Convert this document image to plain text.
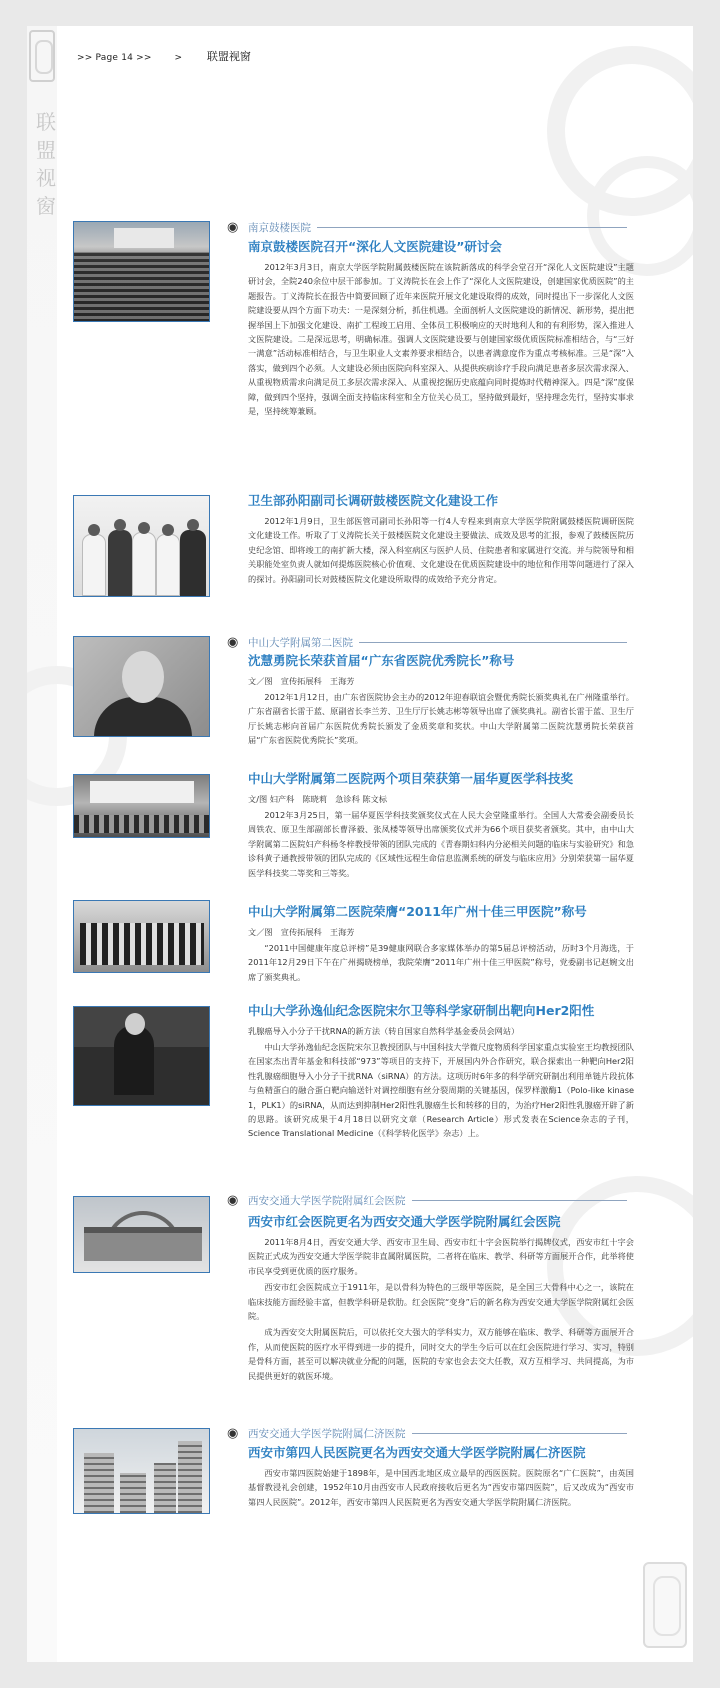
联
盟
视
窗
>> Page 14 >>	> 联盟视窗
◉ 南京鼓楼医院
南京鼓楼医院召开“深化人文医院建设”研讨会

2012年3月3日，南京大学医学院附属鼓楼医院在该院新落成的科学会堂召开“深化人文医院建设”主题研讨会，全院240余位中层干部参加。丁义涛院长在会上作了“深化人文医院建设，创建国家优质医院”的主题报告。丁义涛院长在报告中简要回顾了近年来医院开展文化建设取得的成效，同时提出下一步深化人文医院建设要从四个方面下功夫：一是深刻分析，抓住机遇。全面剖析人文医院建设的新情况、新形势，提出把握举国上下加强文化建设、南扩工程竣工启用、全体员工积极响应的天时地利人和的有利形势，深入推进人文医院建设。二是深远思考，明确标准。强调人文医院建设要与创建国家级优质医院标准相结合，与“三好一满意”活动标准相结合，与卫生职业人文素养要求相结合，以患者满意度作为重点考核标准。三是“深”入落实，做到四个必须。人文建设必须由医院向科室深入、从提供疾病诊疗手段向满足患者多层次需求深入、从重视物质需求向满足员工多层次需求深入、从重视挖掘历史底蕴向同时提炼时代精神深入。四是“深”度保障，做到四个坚持，强调全面支持临床科室和全方位关心员工，坚持做到最好，坚持理念先行，坚持实事求是，坚持统筹兼顾。

卫生部孙阳副司长调研鼓楼医院文化建设工作

2012年1月9日，卫生部医管司副司长孙阳等一行4人专程来到南京大学医学院附属鼓楼医院调研医院文化建设工作。听取了丁义涛院长关于鼓楼医院文化建设主要做法、成效及思考的汇报，参观了鼓楼医院历史纪念馆、即将竣工的南扩新大楼，深入科室病区与医护人员、住院患者和家属进行交流。并与院领导和相关职能处室负责人就如何提炼医院核心价值观、文化建设在优质医院建设中的地位和作用等问题进行了深入的探讨。孙阳副司长对鼓楼医院文化建设所取得的成效给予充分肯定。

◉ 中山大学附属第二医院
沈慧勇院长荣获首届“广东省医院优秀院长”称号
文／图　宣传拓展科　王海芳

2012年1月12日，由广东省医院协会主办的2012年迎春联谊会暨优秀院长颁奖典礼在广州隆重举行。广东省副省长雷于蓝、原副省长李兰芳、卫生厅厅长姚志彬等领导出席了颁奖典礼。副省长雷于蓝、卫生厅厅长姚志彬向首届广东医院优秀院长颁发了金质奖章和奖状。中山大学附属第二医院沈慧勇院长荣获首届“广东省医院优秀院长”奖项。

中山大学附属第二医院两个项目荣获第一届华夏医学科技奖
文/图 妇产科　陈晓莉　急诊科 陈文标

2012年3月25日，第一届华夏医学科技奖颁奖仪式在人民大会堂隆重举行。全国人大常委会副委员长周铁农、原卫生部副部长曹泽毅、张凤楼等领导出席颁奖仪式并为66个项目获奖者颁奖。其中，由中山大学附属第二医院妇产科杨冬梓教授带领的团队完成的《青春期妇科内分泌相关问题的临床与实验研究》和急诊科黄子通教授带领的团队完成的《区域性远程生命信息监测系统的研发与临床应用》分别荣获第一届华夏医学科技奖二等奖和三等奖。

中山大学附属第二医院荣膺“2011年广州十佳三甲医院”称号
文／图　宣传拓展科　王海芳

“2011中国健康年度总评榜”是39健康网联合多家媒体举办的第5届总评榜活动，历时3个月海选，于2011年12月29日下午在广州揭晓榜单，我院荣膺“2011年广州十佳三甲医院”称号，党委副书记赵婉文出席了颁奖典礼。

中山大学孙逸仙纪念医院宋尔卫等科学家研制出靶向Her2阳性
乳腺癌导入小分子干扰RNA的新方法（转自国家自然科学基金委员会网站）

中山大学孙逸仙纪念医院宋尔卫教授团队与中国科技大学微尺度物质科学国家重点实验室王均教授团队在国家杰出青年基金和科技部“973”等项目的支持下，开展国内外合作研究，联合探索出一种靶向Her2阳性乳腺癌细胞导入小分子干扰RNA（siRNA）的方法。这项历时6年多的科学研究研制出利用单链片段抗体与鱼精蛋白的融合蛋白靶向输送针对调控细胞有丝分裂周期的关键基因，保罗样激酶1（Polo-like kinase 1，PLK1）的siRNA，从而达到抑制Her2阳性乳腺癌生长和转移的目的，为治疗Her2阳性乳腺癌开辟了新的思路。该研究成果于4月18日以研究文章（Research Article）形式发表在Science杂志的子刊，Science Translational Medicine（《科学转化医学》杂志）上。

◉ 西安交通大学医学院附属红会医院
西安市红会医院更名为西安交通大学医学院附属红会医院

2011年8月4日，西安交通大学、西安市卫生局、西安市红十字会医院举行揭牌仪式，西安市红十字会医院正式成为西安交通大学医学院非直属附属医院，二者将在临床、教学、科研等方面展开合作，此举将使市民享受到更优质的医疗服务。

西安市红会医院成立于1911年，是以骨科为特色的三级甲等医院，是全国三大骨科中心之一，该院在临床技能方面经验丰富，但教学科研是软肋。红会医院“变身”后的新名称为西安交通大学医学院附属红会医院。

成为西安交大附属医院后，可以依托交大强大的学科实力，双方能够在临床、教学、科研等方面展开合作，从而使医院的医疗水平得到进一步的提升，同时交大的学生今后可以在红会医院进行学习、实习，特别是骨科方面，甚至可以解决就业分配的问题，医院的专家也会去交大任教，双方互相学习、共同提高，为市民提供更好的就医环境。

◉ 西安交通大学医学院附属仁济医院
西安市第四人民医院更名为西安交通大学医学院附属仁济医院

西安市第四医院始建于1898年，是中国西北地区成立最早的西医医院。医院原名“广仁医院”，由英国基督教浸礼会创建，1952年10月由西安市人民政府接收后更名为“西安市第四医院”，后又改成为“西安市第四人民医院”。2012年，西安市第四人民医院更名为西安交通大学医学院附属仁济医院。
